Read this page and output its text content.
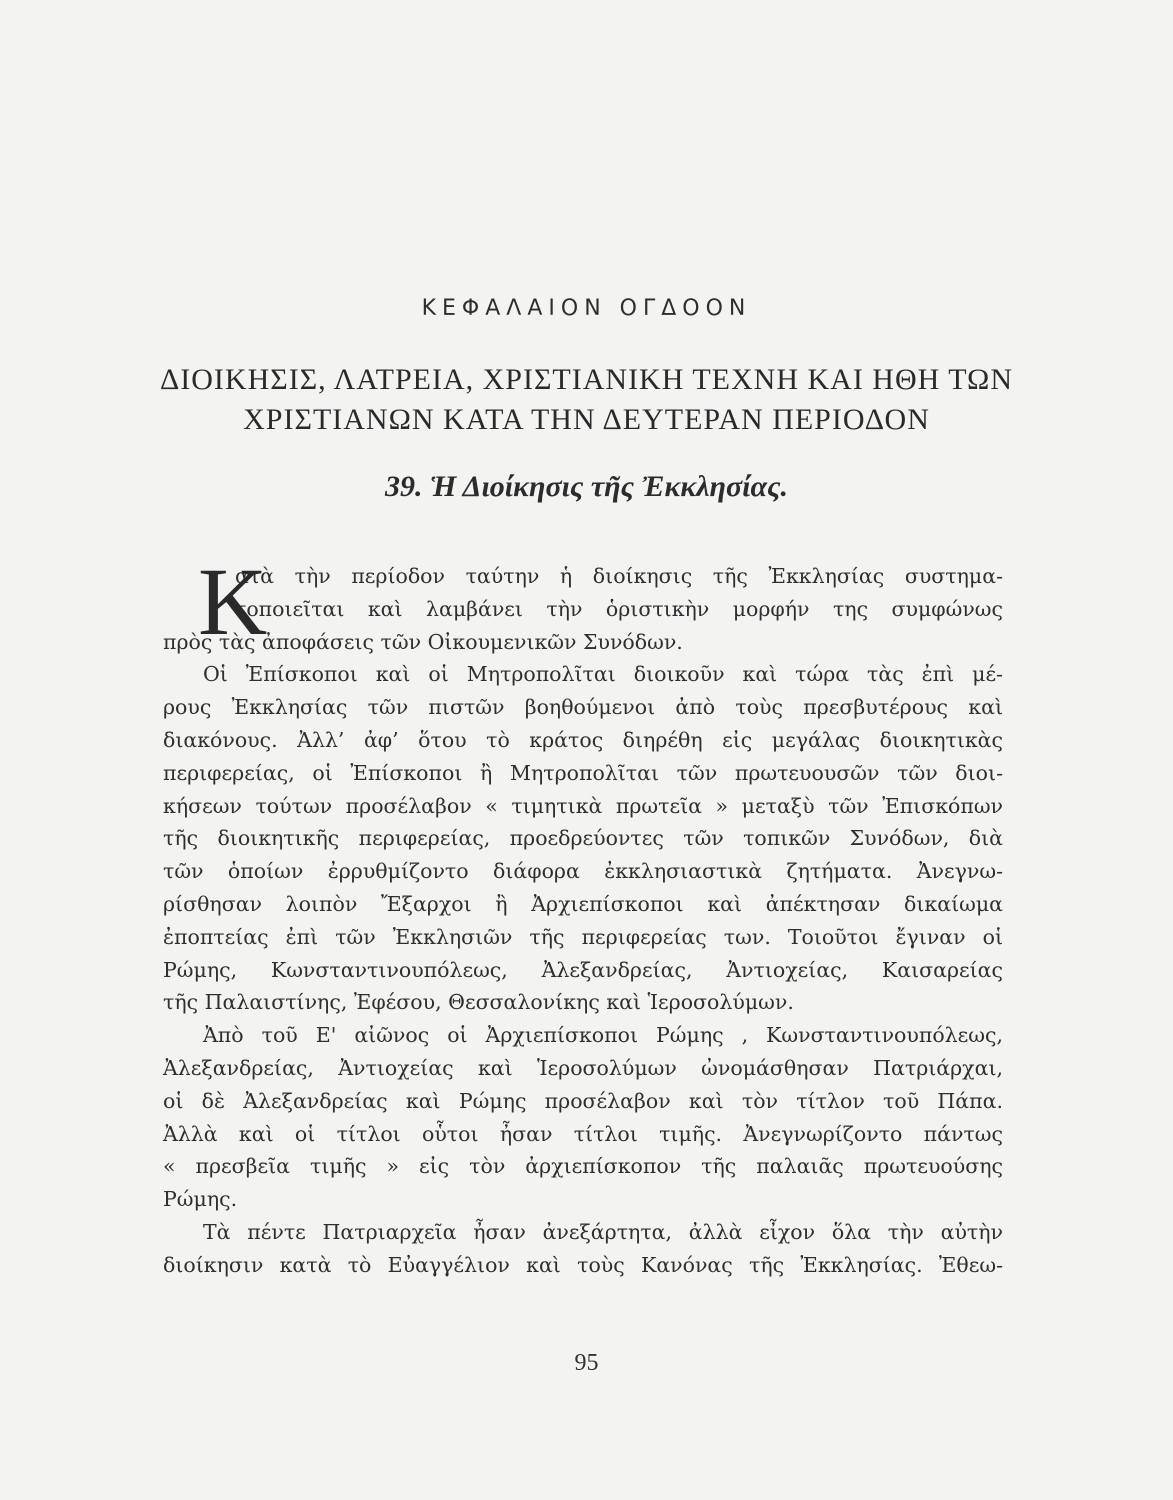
ΚΕΦΑΛΑΙΟΝ ΟΓΔΟΟΝ
ΔΙΟΙΚΗΣΙΣ, ΛΑΤΡΕΙΑ, ΧΡΙΣΤΙΑΝΙΚΗ ΤΕΧΝΗ ΚΑΙ ΗΘΗ ΤΩΝ
ΧΡΙΣΤΙΑΝΩΝ ΚΑΤΑ ΤΗΝ ΔΕΥΤΕΡΑΝ ΠΕΡΙΟΔΟΝ
39. Ἡ Διοίκησις τῆς Ἐκκλησίας.
Κ
ατὰ τὴν περίοδον ταύτην ἡ διοίκησις τῆς Ἐκκλησίας συστημα-
τοποιεῖται καὶ λαμβάνει τὴν ὁριστικὴν μορφήν της συμφώνως
πρὸς τὰς ἀποφάσεις τῶν Οἰκουμενικῶν Συνόδων.
Οἱ Ἐπίσκοποι καὶ οἱ Μητροπολῖται διοικοῦν καὶ τώρα τὰς ἐπὶ μέ-
ρους Ἐκκλησίας τῶν πιστῶν βοηθούμενοι ἀπὸ τοὺς πρεσβυτέρους καὶ
διακόνους. Ἀλλ’ ἀφ’ ὅτου τὸ κράτος διηρέθη εἰς μεγάλας διοικητικὰς
περιφερείας, οἱ Ἐπίσκοποι ἢ Μητροπολῖται τῶν πρωτευουσῶν τῶν διοι-
κήσεων τούτων προσέλαβον « τιμητικὰ πρωτεῖα » μεταξὺ τῶν Ἐπισκόπων
τῆς διοικητικῆς περιφερείας, προεδρεύοντες τῶν τοπικῶν Συνόδων, διὰ
τῶν ὁποίων ἐρρυθμίζοντο διάφορα ἐκκλησιαστικὰ ζητήματα. Ἀνεγνω-
ρίσθησαν λοιπὸν Ἔξαρχοι ἢ Ἀρχιεπίσκοποι καὶ ἀπέκτησαν δικαίωμα
ἐποπτείας ἐπὶ τῶν Ἐκκλησιῶν τῆς περιφερείας των. Τοιοῦτοι ἔγιναν οἱ
Ρώμης, Κωνσταντινουπόλεως, Ἀλεξανδρείας, Ἀντιοχείας, Καισαρείας
τῆς Παλαιστίνης, Ἐφέσου, Θεσσαλονίκης καὶ Ἱεροσολύμων.
Ἀπὸ τοῦ Ε' αἰῶνος οἱ Ἀρχιεπίσκοποι Ρώμης , Κωνσταντινουπόλεως,
Ἀλεξανδρείας, Ἀντιοχείας καὶ Ἱεροσολύμων ὠνομάσθησαν Πατριάρχαι,
οἱ δὲ Ἀλεξανδρείας καὶ Ρώμης προσέλαβον καὶ τὸν τίτλον τοῦ Πάπα.
Ἀλλὰ καὶ οἱ τίτλοι οὗτοι ἦσαν τίτλοι τιμῆς. Ἀνεγνωρίζοντο πάντως
« πρεσβεῖα τιμῆς » εἰς τὸν ἀρχιεπίσκοπον τῆς παλαιᾶς πρωτευούσης
Ρώμης.
Τὰ πέντε Πατριαρχεῖα ἦσαν ἀνεξάρτητα, ἀλλὰ εἶχον ὅλα τὴν αὐτὴν
διοίκησιν κατὰ τὸ Εὐαγγέλιον καὶ τοὺς Κανόνας τῆς Ἐκκλησίας. Ἐθεω-
95
